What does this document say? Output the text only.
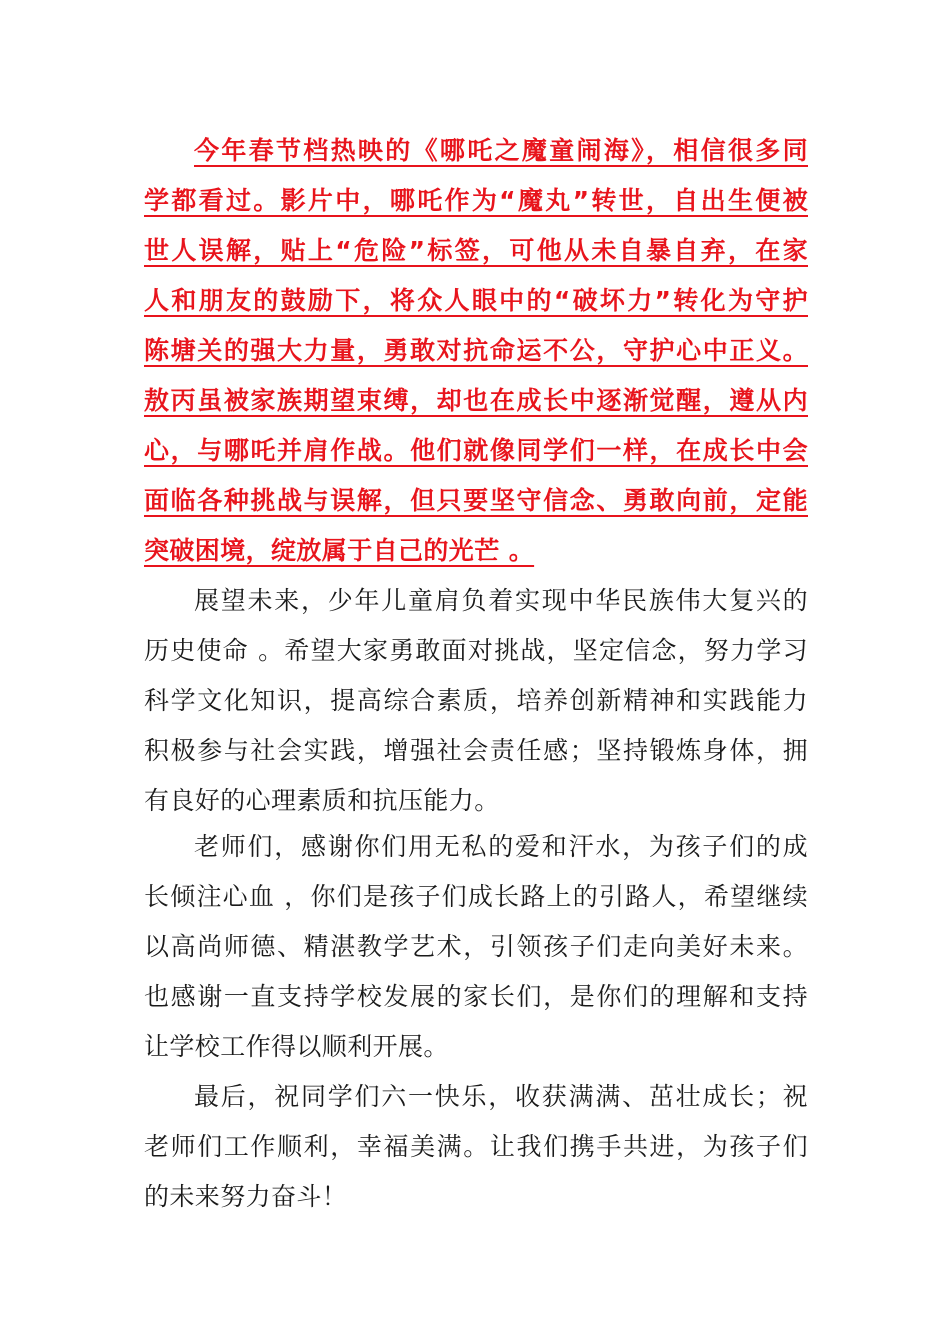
今年春节档热映的《哪吒之魔童闹海》，相信很多同
学都看过。影片中，哪吒作为“魔丸”转世，自出生便被
世人误解，贴上“危险”标签，可他从未自暴自弃，在家
人和朋友的鼓励下，将众人眼中的“破坏力”转化为守护
陈塘关的强大力量，勇敢对抗命运不公，守护心中正义。
敖丙虽被家族期望束缚，却也在成长中逐渐觉醒，遵从内
心，与哪吒并肩作战。他们就像同学们一样，在成长中会
面临各种挑战与误解，但只要坚守信念、勇敢向前，定能
突破困境，绽放属于自己的光芒 。
展望未来，少年儿童肩负着实现中华民族伟大复兴的
历史使命 。希望大家勇敢面对挑战，坚定信念，努力学习
科学文化知识，提高综合素质，培养创新精神和实践能力
积极参与社会实践，增强社会责任感；坚持锻炼身体，拥
有良好的心理素质和抗压能力。
老师们，感谢你们用无私的爱和汗水，为孩子们的成
长倾注心血 ，你们是孩子们成长路上的引路人，希望继续
以高尚师德、精湛教学艺术，引领孩子们走向美好未来。
也感谢一直支持学校发展的家长们，是你们的理解和支持
让学校工作得以顺利开展。
最后，祝同学们六一快乐，收获满满、茁壮成长；祝
老师们工作顺利，幸福美满。让我们携手共进，为孩子们
的未来努力奋斗！
